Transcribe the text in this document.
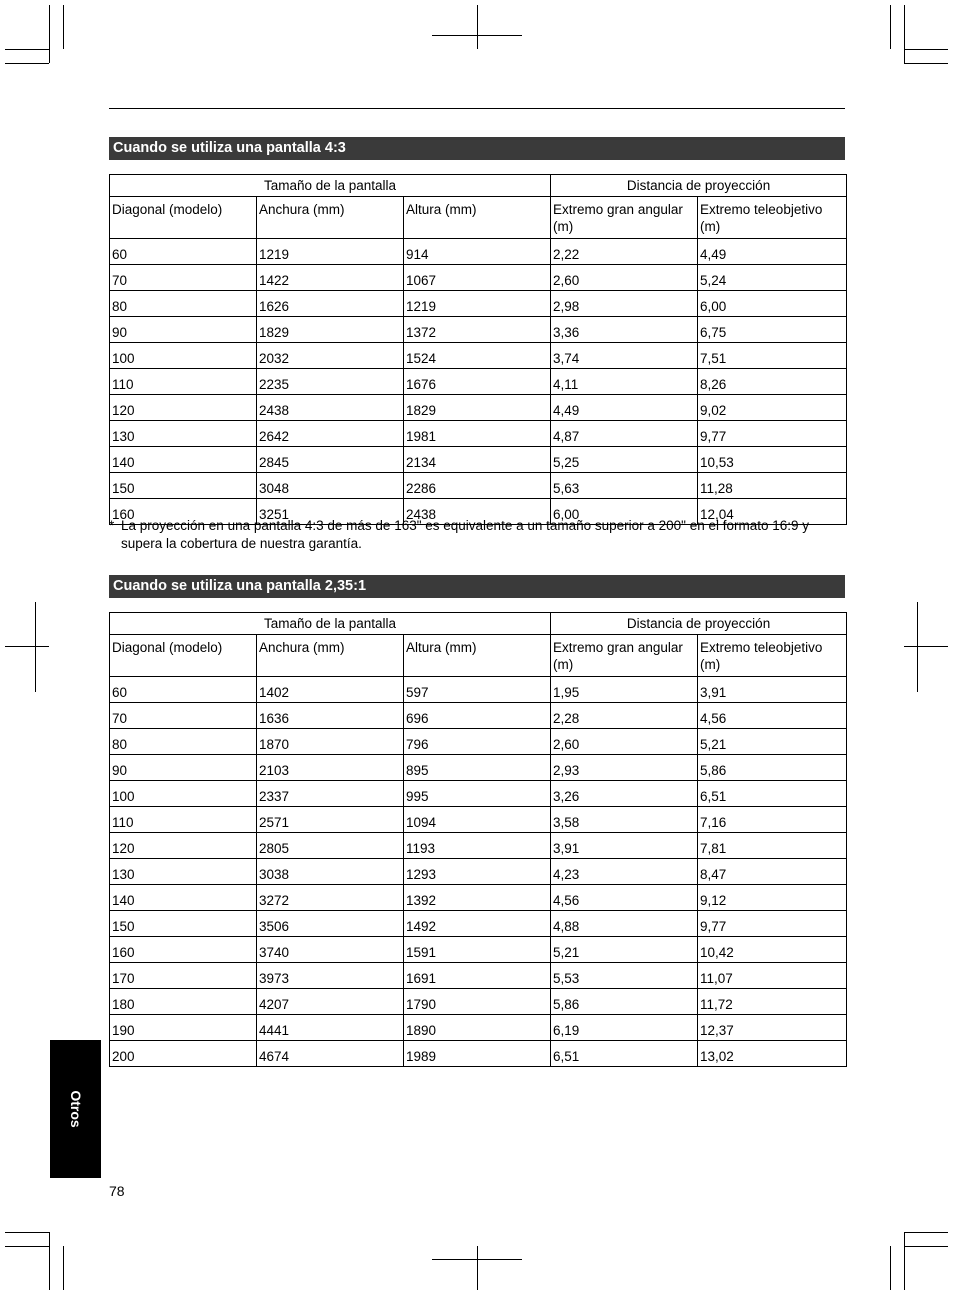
Cuando se utiliza una pantalla 4:3
Tamaño de la pantalla			Distancia de proyección	
Diagonal (modelo)	Anchura (mm)	Altura (mm)	Extremo gran angular (m)	Extremo teleobjetivo (m)
60	1219	914	2,22	4,49
70	1422	1067	2,60	5,24
80	1626	1219	2,98	6,00
90	1829	1372	3,36	6,75
100	2032	1524	3,74	7,51
110	2235	1676	4,11	8,26
120	2438	1829	4,49	9,02
130	2642	1981	4,87	9,77
140	2845	2134	5,25	10,53
150	3048	2286	5,63	11,28
160	3251	2438	6,00	12,04
* La proyección en una pantalla 4:3 de más de 163" es equivalente a un tamaño superior a 200" en el formato 16:9 y supera la cobertura de nuestra garantía.
Cuando se utiliza una pantalla 2,35:1
Tamaño de la pantalla			Distancia de proyección	
Diagonal (modelo)	Anchura (mm)	Altura (mm)	Extremo gran angular (m)	Extremo teleobjetivo (m)
60	1402	597	1,95	3,91
70	1636	696	2,28	4,56
80	1870	796	2,60	5,21
90	2103	895	2,93	5,86
100	2337	995	3,26	6,51
110	2571	1094	3,58	7,16
120	2805	1193	3,91	7,81
130	3038	1293	4,23	8,47
140	3272	1392	4,56	9,12
150	3506	1492	4,88	9,77
160	3740	1591	5,21	10,42
170	3973	1691	5,53	11,07
180	4207	1790	5,86	11,72
190	4441	1890	6,19	12,37
200	4674	1989	6,51	13,02
Otros
78
